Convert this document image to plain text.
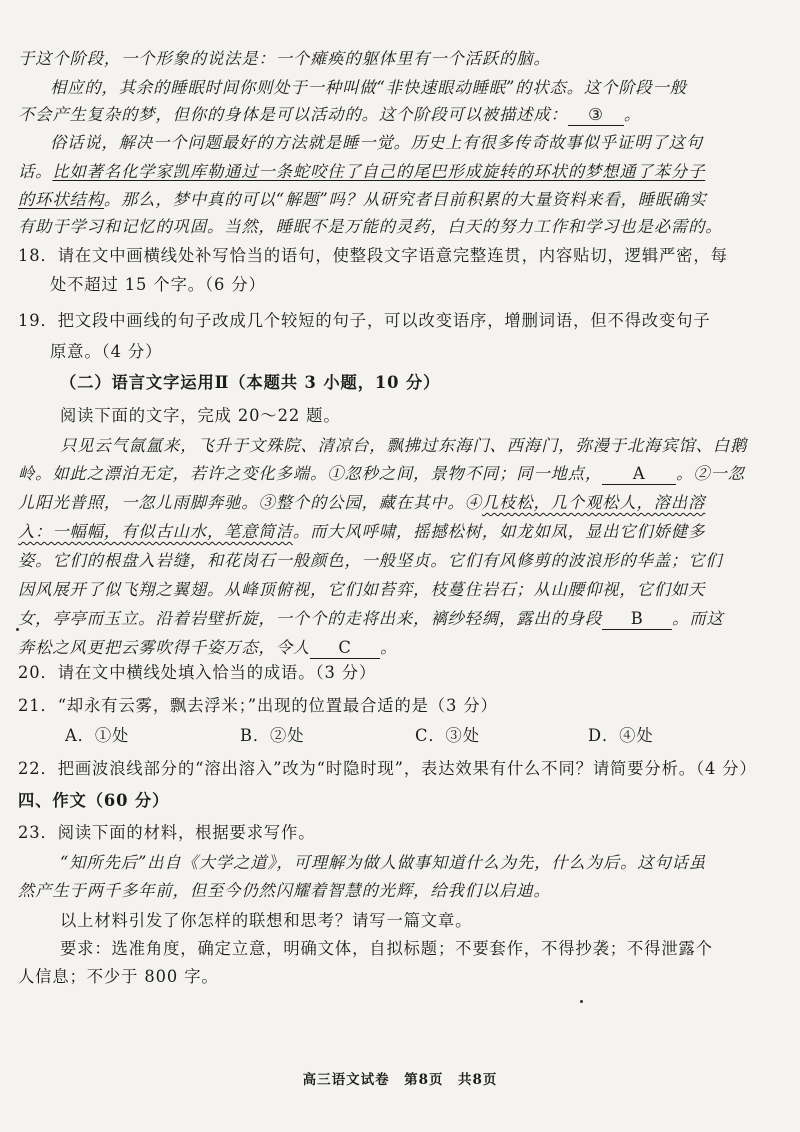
于这个阶段，一个形象的说法是：一个瘫痪的躯体里有一个活跃的脑。
相应的，其余的睡眠时间你则处于一种叫做“非快速眼动睡眠”的状态。这个阶段一般
不会产生复杂的梦，但你的身体是可以活动的。这个阶段可以被描述成： ③ 。
俗话说，解决一个问题最好的方法就是睡一觉。历史上有很多传奇故事似乎证明了这句
话。比如著名化学家凯库勒通过一条蛇咬住了自己的尾巴形成旋转的环状的梦想通了苯分子
的环状结构。那么，梦中真的可以“解题”吗？从研究者目前积累的大量资料来看，睡眠确实
有助于学习和记忆的巩固。当然，睡眠不是万能的灵药，白天的努力工作和学习也是必需的。
18．请在文中画横线处补写恰当的语句，使整段文字语意完整连贯，内容贴切，逻辑严密，每
处不超过 15 个字。（6 分）
19．把文段中画线的句子改成几个较短的句子，可以改变语序，增删词语，但不得改变句子
原意。（4 分）
（二）语言文字运用Ⅱ（本题共 3 小题，10 分）
阅读下面的文字，完成 20～22 题。
只见云气氤氲来，飞升于文殊院、清凉台，飘拂过东海门、西海门，弥漫于北海宾馆、白鹅
岭。如此之漂泊无定，若许之变化多端。①忽秒之间，景物不同；同一地点， A 。②一忽
儿阳光普照，一忽儿雨脚奔驰。③整个的公园，藏在其中。④几枝松，几个观松人，溶出溶
入：一幅幅，有似古山水，笔意简洁。而大风呼啸，摇撼松树，如龙如凤，显出它们娇健多
姿。它们的根盘入岩缝，和花岗石一般颜色，一般坚贞。它们有风修剪的波浪形的华盖；它们
因风展开了似飞翔之翼翅。从峰顶俯视，它们如苔弈，枝蔓住岩石；从山腰仰视，它们如天
女，亭亭而玉立。沿着岩壁折旋，一个个的走将出来，褵纱轻绸，露出的身段 B 。而这
奔松之风更把云雾吹得千姿万态，令人 C 。
20．请在文中横线处填入恰当的成语。（3 分）
21．“却永有云雾，飘去浮米；”出现的位置最合适的是（3 分）
A．①处	B．②处	C．③处	D．④处
22．把画波浪线部分的“溶出溶入”改为“时隐时现”，表达效果有什么不同？请简要分析。（4 分）
四、作文（60 分）
23．阅读下面的材料，根据要求写作。
“知所先后”出自《大学之道》，可理解为做人做事知道什么为先，什么为后。这句话虽
然产生于两千多年前，但至今仍然闪耀着智慧的光辉，给我们以启迪。
以上材料引发了你怎样的联想和思考？请写一篇文章。
要求：选准角度，确定立意，明确文体，自拟标题；不要套作，不得抄袭；不得泄露个
人信息；不少于 800 字。
高三语文试卷　第8页　共8页
